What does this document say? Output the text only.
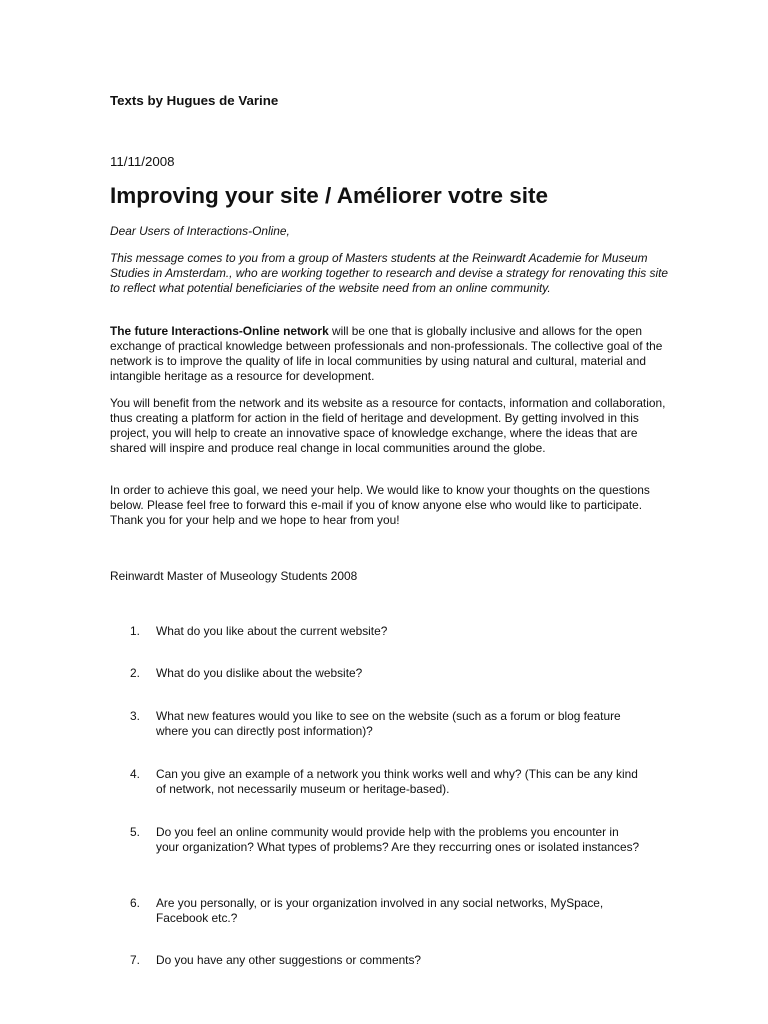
Texts by Hugues de Varine
11/11/2008
Improving your site / Améliorer votre site

Dear Users of Interactions-Online,

This message comes to you from a group of Masters students at the Reinwardt Academie for Museum Studies in Amsterdam., who are working together to research and devise a strategy for renovating this site to reflect what potential beneficiaries of the website need from an online community.

The future Interactions-Online network will be one that is globally inclusive and allows for the open exchange of practical knowledge between professionals and non-professionals. The collective goal of the network is to improve the quality of life in local communities by using natural and cultural, material and intangible heritage as a resource for development.

You will benefit from the network and its website as a resource for contacts, information and collaboration, thus creating a platform for action in the field of heritage and development. By getting involved in this project, you will help to create an innovative space of knowledge exchange, where the ideas that are shared will inspire and produce real change in local communities around the globe.

In order to achieve this goal, we need your help. We would like to know your thoughts on the questions below. Please feel free to forward this e-mail if you of know anyone else who would like to participate. Thank you for your help and we hope to hear from you!

Reinwardt Master of Museology Students 2008
1.	What do you like about the current website?
2.	What do you dislike about the website?
3.	What new features would you like to see on the website (such as a forum or blog feature where you can directly post information)?
4.	Can you give an example of a network you think works well and why? (This can be any kind of network, not necessarily museum or heritage-based).
5.	Do you feel an online community would provide help with the problems you encounter in your organization? What types of problems? Are they reccurring ones or isolated instances?
6.	Are you personally, or is your organization involved in any social networks, MySpace, Facebook etc.?
7.	Do you have any other suggestions or comments?
